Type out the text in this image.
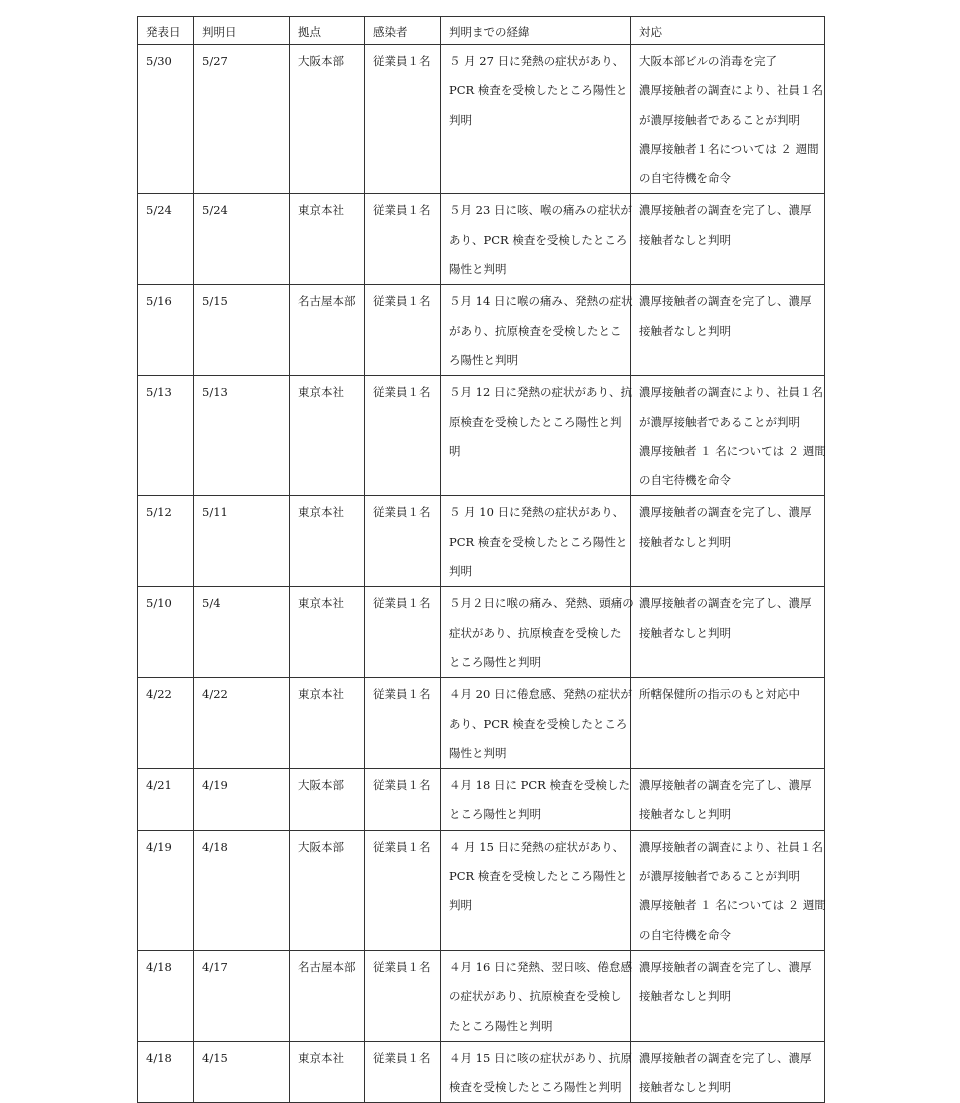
発表日	判明日	拠点	感染者	判明までの経緯	対応
5/30	5/27	大阪本部	従業員１名	５ 月 27 日に発熱の症状があり、
PCR 検査を受検したところ陽性と
判明	大阪本部ビルの消毒を完了
濃厚接触者の調査により、社員１名
が濃厚接触者であることが判明
濃厚接触者１名については ２ 週間
の自宅待機を命令

5/24	5/24	東京本社	従業員１名	５月 23 日に咳、喉の痛みの症状が
あり、PCR 検査を受検したところ
陽性と判明	濃厚接触者の調査を完了し、濃厚
接触者なしと判明

5/16	5/15	名古屋本部	従業員１名	５月 14 日に喉の痛み、発熱の症状
があり、抗原検査を受検したとこ
ろ陽性と判明	濃厚接触者の調査を完了し、濃厚
接触者なしと判明

5/13	5/13	東京本社	従業員１名	５月 12 日に発熱の症状があり、抗
原検査を受検したところ陽性と判
明	濃厚接触者の調査により、社員１名
が濃厚接触者であることが判明
濃厚接触者 １ 名については ２ 週間
の自宅待機を命令

5/12	5/11	東京本社	従業員１名	５ 月 10 日に発熱の症状があり、
PCR 検査を受検したところ陽性と
判明	濃厚接触者の調査を完了し、濃厚
接触者なしと判明

5/10	5/4	東京本社	従業員１名	５月２日に喉の痛み、発熱、頭痛の
症状があり、抗原検査を受検した
ところ陽性と判明	濃厚接触者の調査を完了し、濃厚
接触者なしと判明

4/22	4/22	東京本社	従業員１名	４月 20 日に倦怠感、発熱の症状が
あり、PCR 検査を受検したところ
陽性と判明	所轄保健所の指示のもと対応中

4/21	4/19	大阪本部	従業員１名	４月 18 日に PCR 検査を受検した
ところ陽性と判明	濃厚接触者の調査を完了し、濃厚
接触者なしと判明

4/19	4/18	大阪本部	従業員１名	４ 月 15 日に発熱の症状があり、
PCR 検査を受検したところ陽性と
判明	濃厚接触者の調査により、社員１名
が濃厚接触者であることが判明
濃厚接触者 １ 名については ２ 週間
の自宅待機を命令

4/18	4/17	名古屋本部	従業員１名	４月 16 日に発熱、翌日咳、倦怠感
の症状があり、抗原検査を受検し
たところ陽性と判明	濃厚接触者の調査を完了し、濃厚
接触者なしと判明

4/18	4/15	東京本社	従業員１名	４月 15 日に咳の症状があり、抗原
検査を受検したところ陽性と判明	濃厚接触者の調査を完了し、濃厚
接触者なしと判明
